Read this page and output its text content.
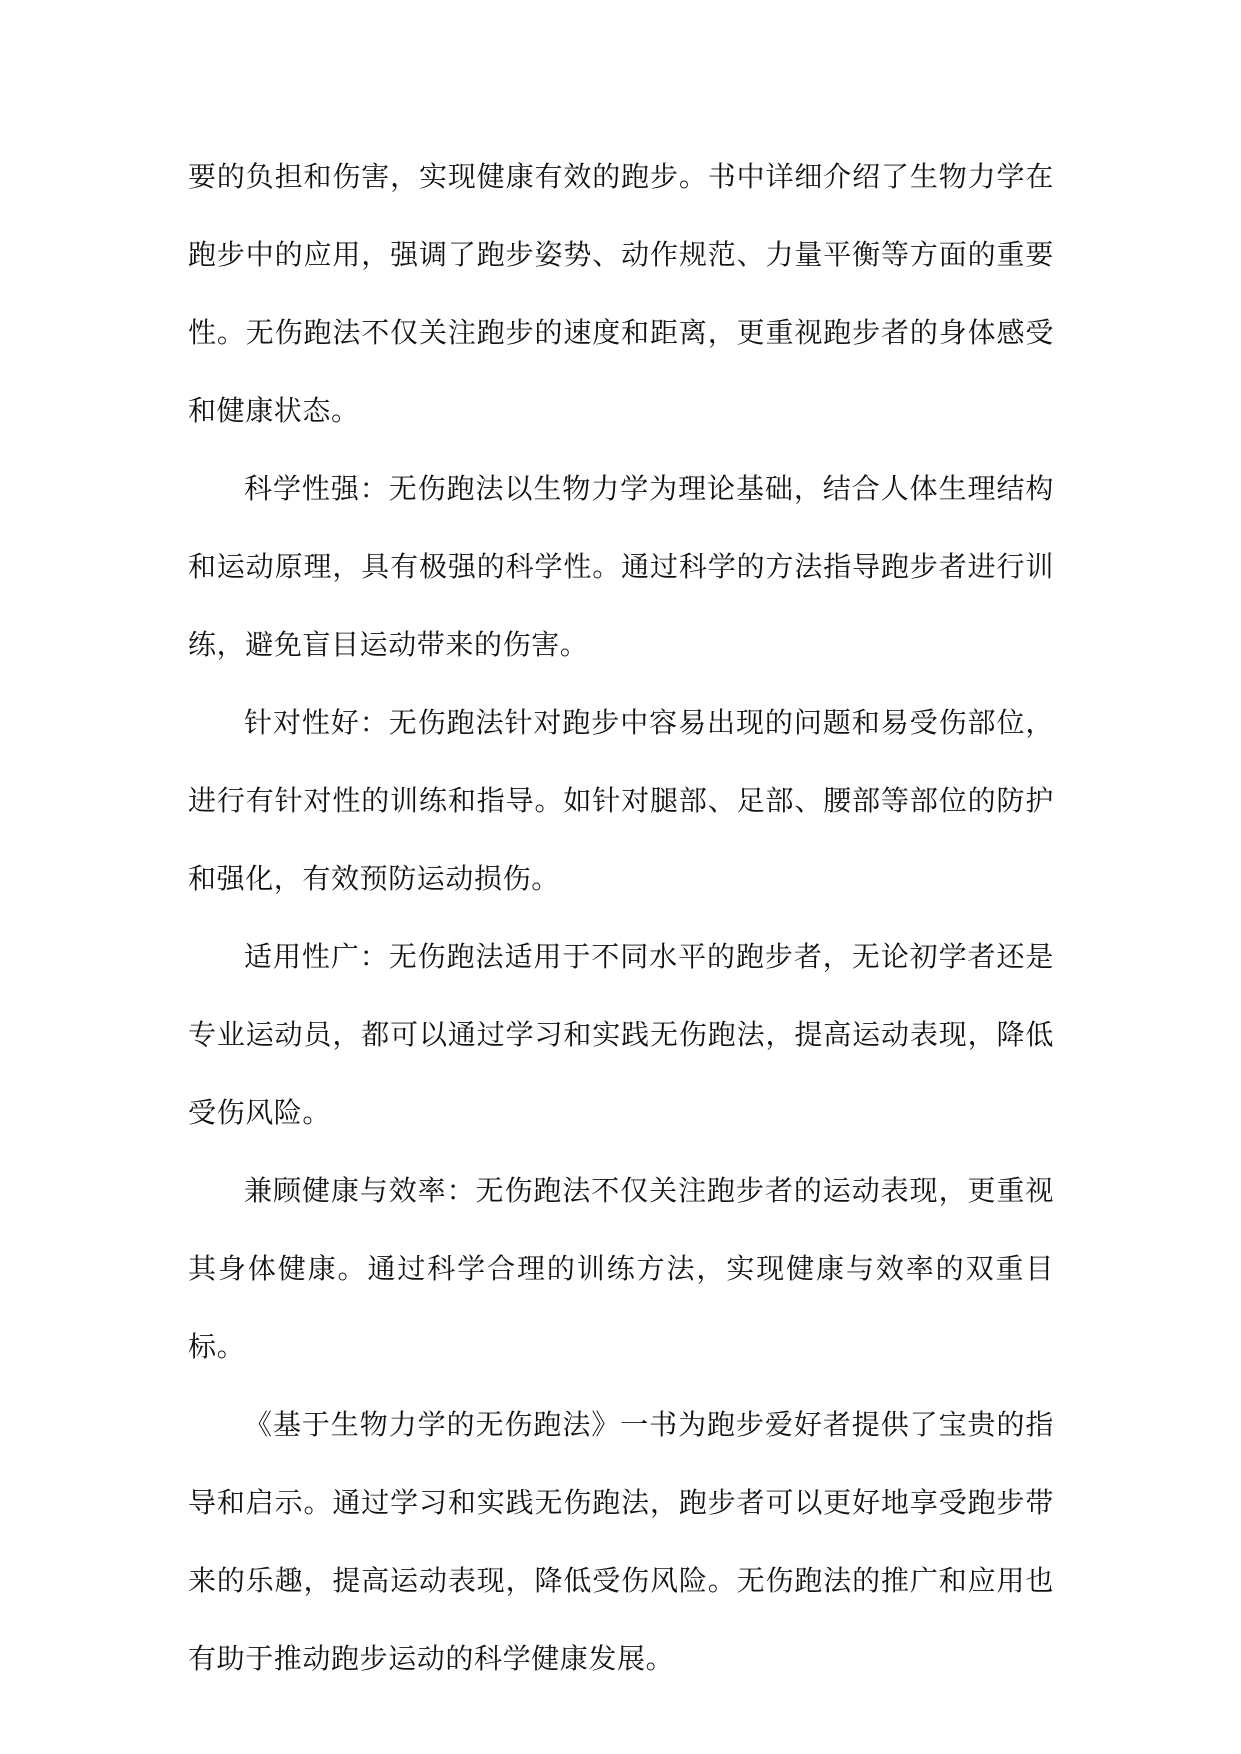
要的负担和伤害，实现健康有效的跑步。书中详细介绍了生物力学在跑步中的应用，强调了跑步姿势、动作规范、力量平衡等方面的重要性。无伤跑法不仅关注跑步的速度和距离，更重视跑步者的身体感受和健康状态。

科学性强：无伤跑法以生物力学为理论基础，结合人体生理结构和运动原理，具有极强的科学性。通过科学的方法指导跑步者进行训练，避免盲目运动带来的伤害。

针对性好：无伤跑法针对跑步中容易出现的问题和易受伤部位，进行有针对性的训练和指导。如针对腿部、足部、腰部等部位的防护和强化，有效预防运动损伤。

适用性广：无伤跑法适用于不同水平的跑步者，无论初学者还是专业运动员，都可以通过学习和实践无伤跑法，提高运动表现，降低受伤风险。

兼顾健康与效率：无伤跑法不仅关注跑步者的运动表现，更重视其身体健康。通过科学合理的训练方法，实现健康与效率的双重目标。

《基于生物力学的无伤跑法》一书为跑步爱好者提供了宝贵的指导和启示。通过学习和实践无伤跑法，跑步者可以更好地享受跑步带来的乐趣，提高运动表现，降低受伤风险。无伤跑法的推广和应用也有助于推动跑步运动的科学健康发展。
